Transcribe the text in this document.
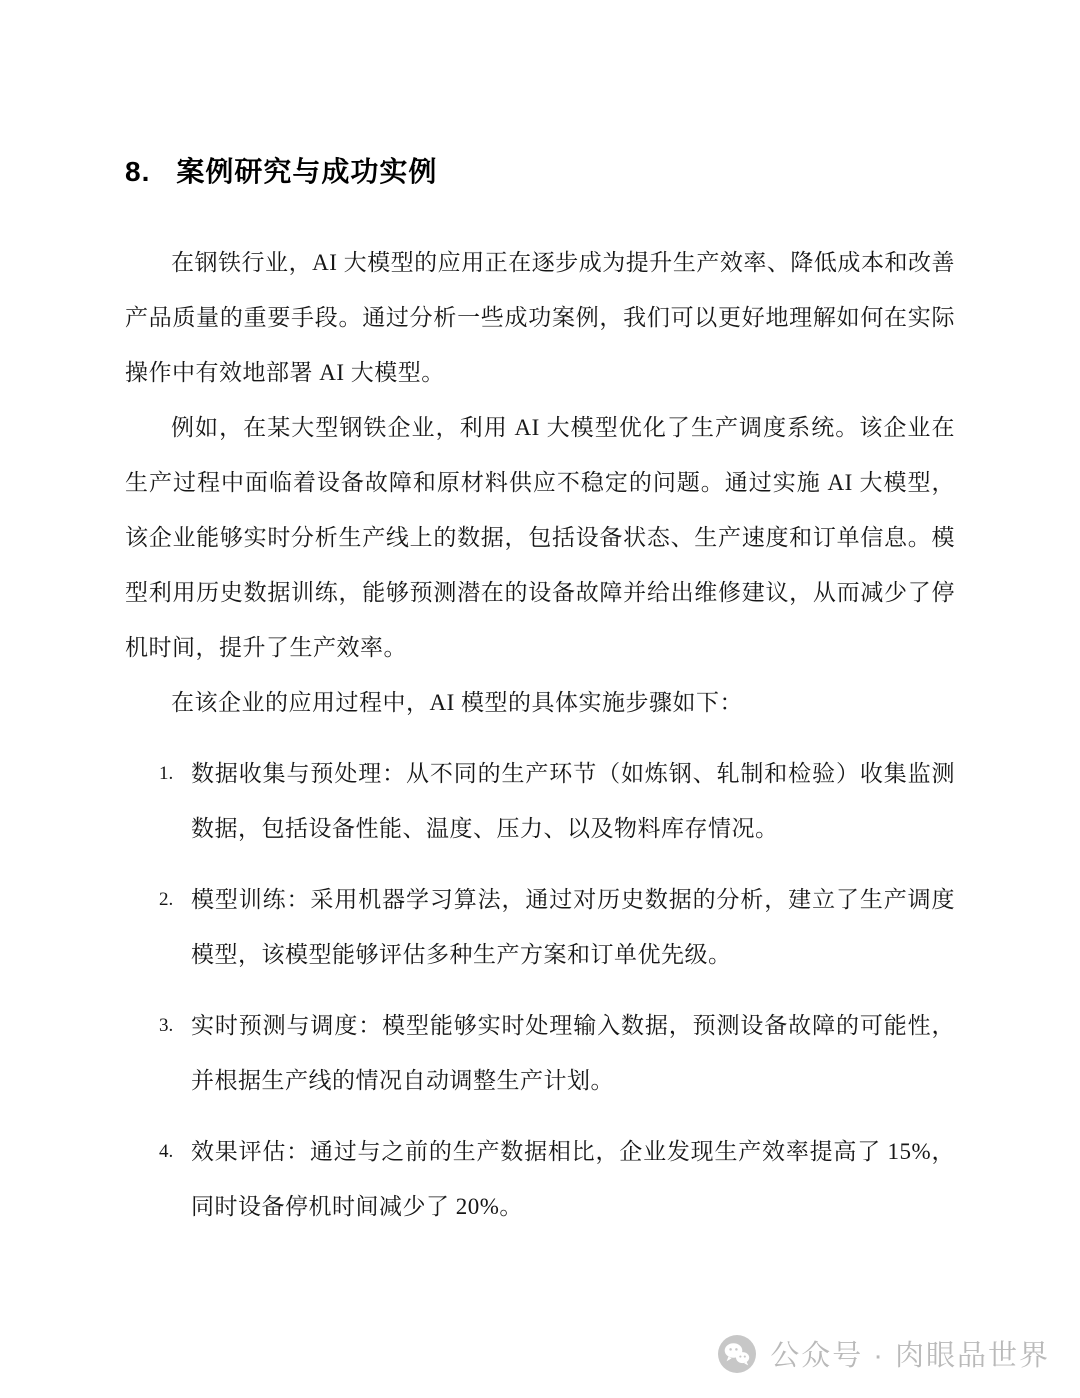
8. 案例研究与成功实例

在钢铁行业，AI 大模型的应用正在逐步成为提升生产效率、降低成本和改善产品质量的重要手段。通过分析一些成功案例，我们可以更好地理解如何在实际操作中有效地部署 AI 大模型。

例如，在某大型钢铁企业，利用 AI 大模型优化了生产调度系统。该企业在生产过程中面临着设备故障和原材料供应不稳定的问题。通过实施 AI 大模型，该企业能够实时分析生产线上的数据，包括设备状态、生产速度和订单信息。模型利用历史数据训练，能够预测潜在的设备故障并给出维修建议，从而减少了停机时间，提升了生产效率。

在该企业的应用过程中，AI 模型的具体实施步骤如下：

1. 数据收集与预处理：从不同的生产环节（如炼钢、轧制和检验）收集监测数据，包括设备性能、温度、压力、以及物料库存情况。
2. 模型训练：采用机器学习算法，通过对历史数据的分析，建立了生产调度模型，该模型能够评估多种生产方案和订单优先级。
3. 实时预测与调度：模型能够实时处理输入数据，预测设备故障的可能性，并根据生产线的情况自动调整生产计划。
4. 效果评估：通过与之前的生产数据相比，企业发现生产效率提高了 15%，同时设备停机时间减少了 20%。
公众号 · 肉眼品世界
